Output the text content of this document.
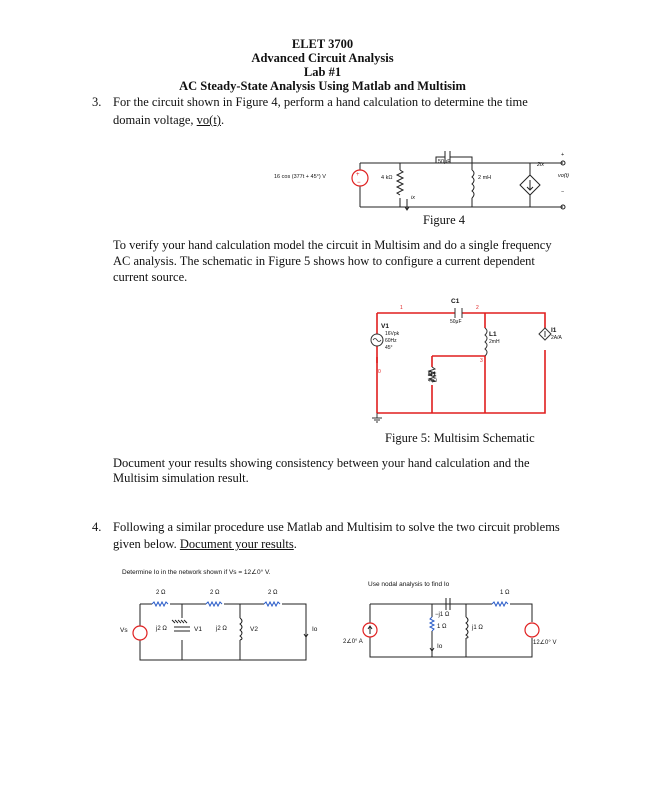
ELET 3700
Advanced Circuit Analysis
Lab #1
AC Steady-State Analysis Using Matlab and Multisim
3. For the circuit shown in Figure 4, perform a hand calculation to determine the time
domain voltage, vo(t).
+
−
16 cos (377t + 45°) V	4 kΩ
50μF
2 mH
ix
2ix
vo(t)
+
−
Figure 4
To verify your hand calculation model the circuit in Multisim and do a single frequency
AC analysis. The schematic in Figure 5 shows how to configure a current dependent
current source.
C1
50μF
V1
16Vpk
60Hz
45°
L1
2mH
I1
2A/A
R1
4kΩ
0
1	2
3
Figure 5: Multisim Schematic
Document your results showing consistency between your hand calculation and the
Multisim simulation result.
4. Following a similar procedure use Matlab and Multisim to solve the two circuit problems
given below. Document your results.
Determine Io in the network shown if Vs = 12∠0° V.
2 Ω	2 Ω	2 Ω
j2 Ω	j2 Ω
Vs	V1	V2	Io
Use nodal analysis to find Io
1 Ω
−j1 Ω
1 Ω	j1 Ω
Io
2∠0° A	12∠0° V
